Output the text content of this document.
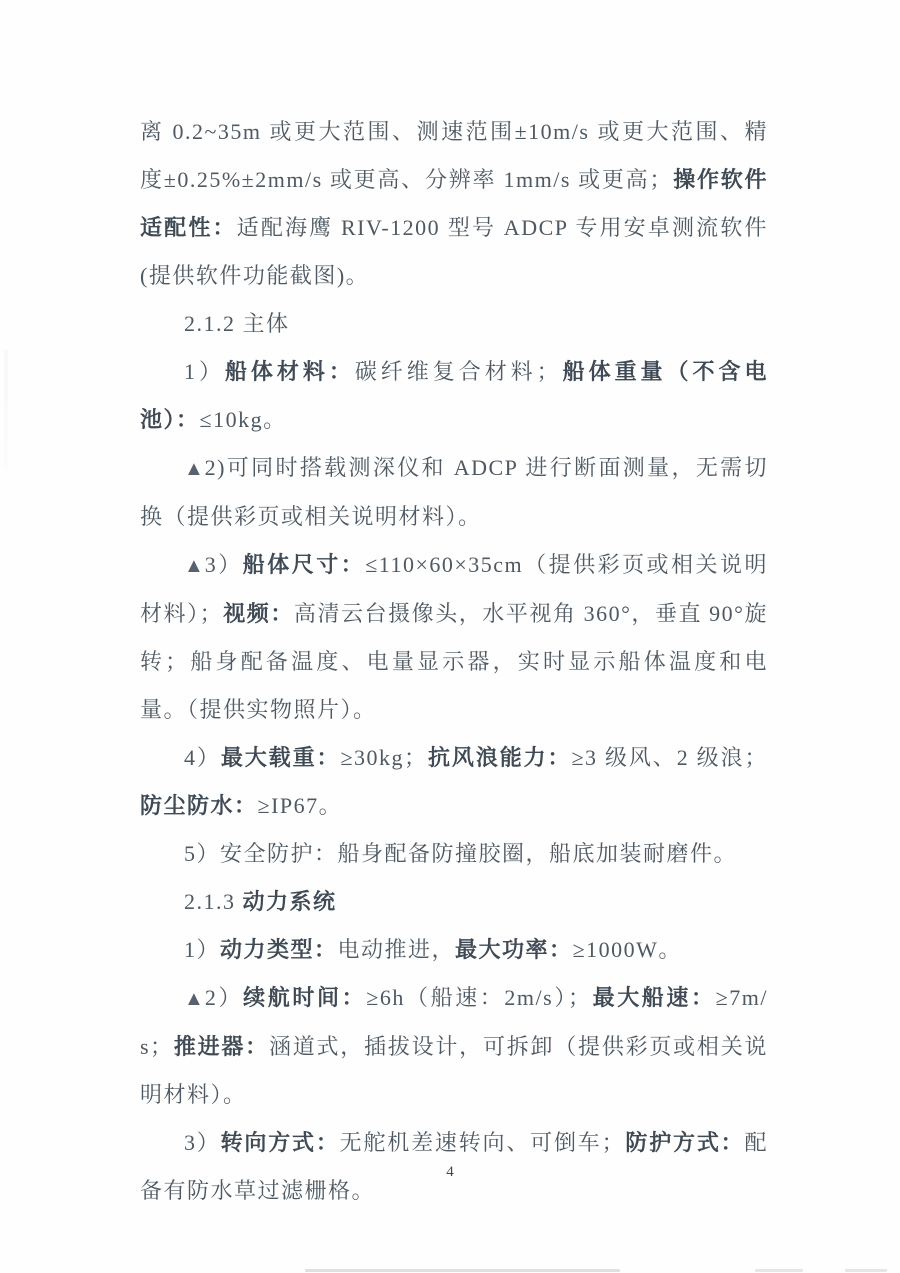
离 0.2~35m 或更大范围、测速范围±10m/s 或更大范围、精度±0.25%±2mm/s 或更高、分辨率 1mm/s 或更高；操作软件适配性：适配海鹰 RIV-1200 型号 ADCP 专用安卓测流软件(提供软件功能截图)。

2.1.2 主体

1）船体材料：碳纤维复合材料；船体重量（不含电池）：≤10kg。

▲2)可同时搭载测深仪和 ADCP 进行断面测量，无需切换（提供彩页或相关说明材料）。

▲3）船体尺寸：≤110×60×35cm（提供彩页或相关说明材料）；视频：高清云台摄像头，水平视角 360°，垂直 90°旋转；船身配备温度、电量显示器，实时显示船体温度和电量。（提供实物照片）。

4）最大载重：≥30kg；抗风浪能力：≥3 级风、2 级浪；防尘防水：≥IP67。

5）安全防护：船身配备防撞胶圈，船底加装耐磨件。

2.1.3 动力系统

1）动力类型：电动推进，最大功率：≥1000W。

▲2）续航时间：≥6h（船速：2m/s）；最大船速：≥7m/s；推进器：涵道式，插拔设计，可拆卸（提供彩页或相关说明材料）。

3）转向方式：无舵机差速转向、可倒车；防护方式：配备有防水草过滤栅格。

4
